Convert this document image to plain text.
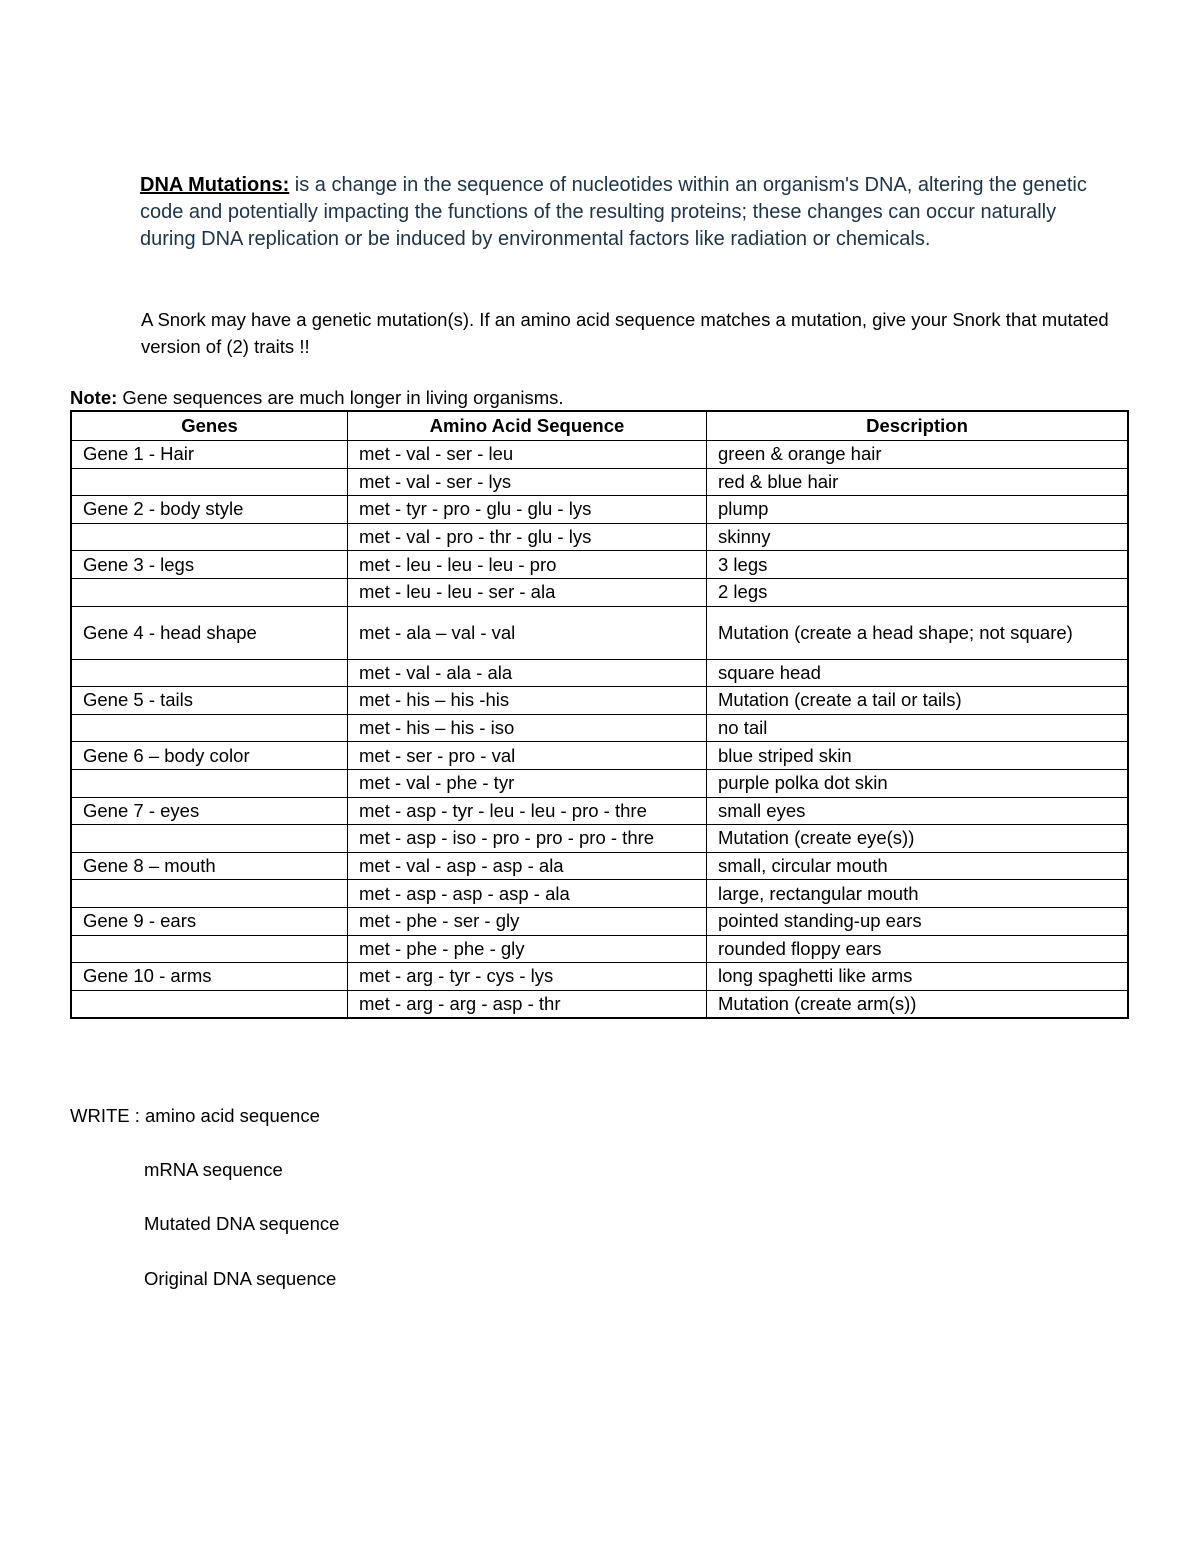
DNA Mutations: is a change in the sequence of nucleotides within an organism's DNA, altering the genetic code and potentially impacting the functions of the resulting proteins; these changes can occur naturally during DNA replication or be induced by environmental factors like radiation or chemicals.
A Snork may have a genetic mutation(s). If an amino acid sequence matches a mutation, give your Snork that mutated version of (2) traits !!
Note: Gene sequences are much longer in living organisms.
Genes	Amino Acid Sequence	Description
Gene 1 - Hair	met - val - ser - leu	green & orange hair
	met - val - ser - lys	red & blue hair
Gene 2 - body style	met - tyr - pro - glu - glu - lys	plump
	met - val - pro - thr - glu - lys	skinny
Gene 3 - legs	met - leu - leu - leu - pro	3 legs
	met - leu - leu - ser - ala	2 legs
Gene 4 - head shape	met - ala – val - val	Mutation (create a head shape; not square)
	met - val - ala - ala	square head
Gene 5 - tails	met - his – his -his	Mutation (create a tail or tails)
	met - his – his - iso	no tail
Gene 6 – body color	met - ser - pro - val	blue striped skin
	met - val - phe - tyr	purple polka dot skin
Gene 7 - eyes	met - asp - tyr - leu - leu - pro - thre	small eyes
	met - asp - iso - pro - pro - pro - thre	Mutation (create eye(s))
Gene 8 – mouth	met - val - asp - asp - ala	small, circular mouth
	met - asp - asp - asp - ala	large, rectangular mouth
Gene 9 - ears	met - phe - ser - gly	pointed standing-up ears
	met - phe - phe - gly	rounded floppy ears
Gene 10 - arms	met - arg - tyr - cys - lys	long spaghetti like arms
	met - arg - arg - asp - thr	Mutation (create arm(s))
WRITE : amino acid sequence
mRNA sequence
Mutated DNA sequence
Original DNA sequence
